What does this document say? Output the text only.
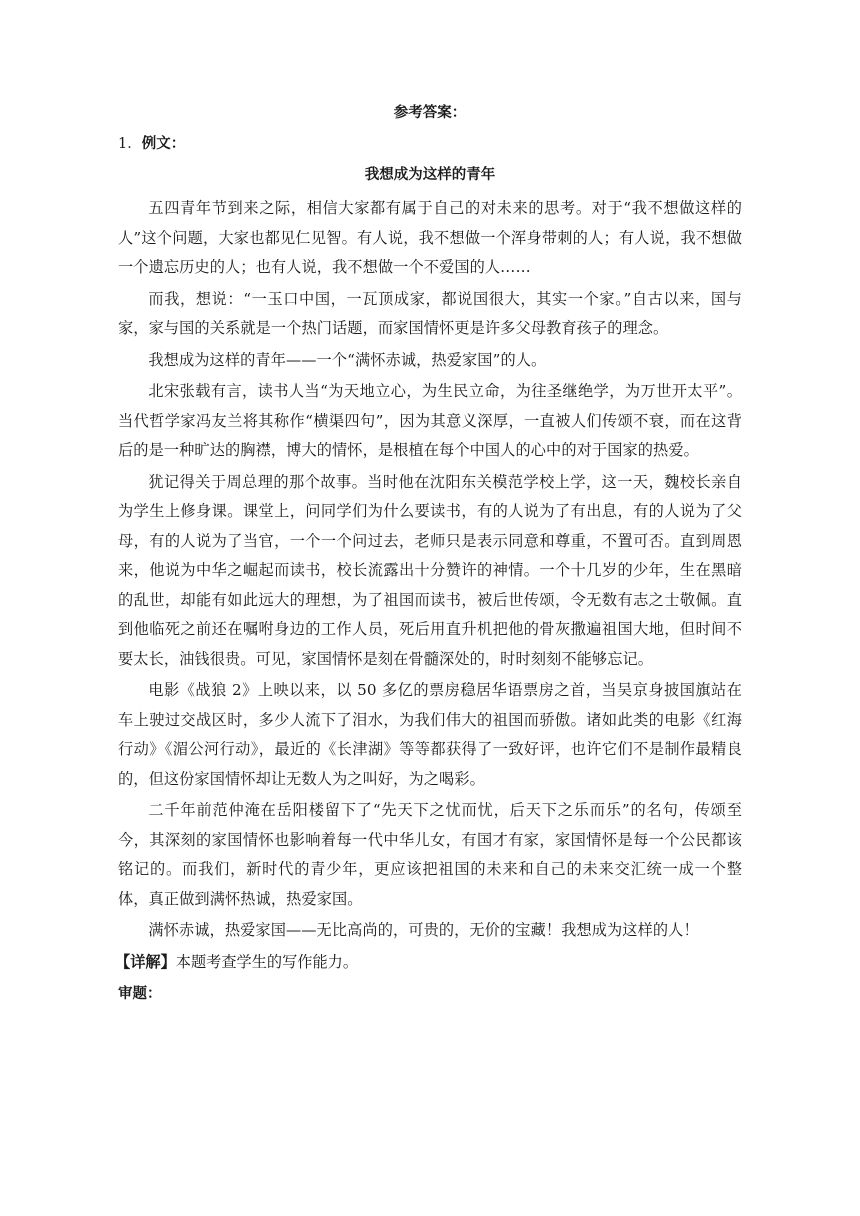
参考答案：
1．例文：
我想成为这样的青年

五四青年节到来之际，相信大家都有属于自己的对未来的思考。对于“我不想做这样的人”这个问题，大家也都见仁见智。有人说，我不想做一个浑身带刺的人；有人说，我不想做一个遗忘历史的人；也有人说，我不想做一个不爱国的人……

而我，想说：“一玉口中国，一瓦顶成家，都说国很大，其实一个家。”自古以来，国与家，家与国的关系就是一个热门话题，而家国情怀更是许多父母教育孩子的理念。

我想成为这样的青年——一个“满怀赤诚，热爱家国”的人。

北宋张载有言，读书人当“为天地立心，为生民立命，为往圣继绝学，为万世开太平”。当代哲学家冯友兰将其称作“横渠四句”，因为其意义深厚，一直被人们传颂不衰，而在这背后的是一种旷达的胸襟，博大的情怀，是根植在每个中国人的心中的对于国家的热爱。

犹记得关于周总理的那个故事。当时他在沈阳东关模范学校上学，这一天，魏校长亲自为学生上修身课。课堂上，问同学们为什么要读书，有的人说为了有出息，有的人说为了父母，有的人说为了当官，一个一个问过去，老师只是表示同意和尊重，不置可否。直到周恩来，他说为中华之崛起而读书，校长流露出十分赞许的神情。一个十几岁的少年，生在黑暗的乱世，却能有如此远大的理想，为了祖国而读书，被后世传颂，令无数有志之士敬佩。直到他临死之前还在嘱咐身边的工作人员，死后用直升机把他的骨灰撒遍祖国大地，但时间不要太长，油钱很贵。可见，家国情怀是刻在骨髓深处的，时时刻刻不能够忘记。

电影《战狼 2》上映以来，以 50 多亿的票房稳居华语票房之首，当吴京身披国旗站在车上驶过交战区时，多少人流下了泪水，为我们伟大的祖国而骄傲。诸如此类的电影《红海行动》《湄公河行动》，最近的《长津湖》等等都获得了一致好评，也许它们不是制作最精良的，但这份家国情怀却让无数人为之叫好，为之喝彩。

二千年前范仲淹在岳阳楼留下了“先天下之忧而忧，后天下之乐而乐”的名句，传颂至今，其深刻的家国情怀也影响着每一代中华儿女，有国才有家，家国情怀是每一个公民都该铭记的。而我们，新时代的青少年，更应该把祖国的未来和自己的未来交汇统一成一个整体，真正做到满怀热诚，热爱家国。

满怀赤诚，热爱家国——无比高尚的，可贵的，无价的宝藏！我想成为这样的人！

【详解】本题考查学生的写作能力。
审题：
